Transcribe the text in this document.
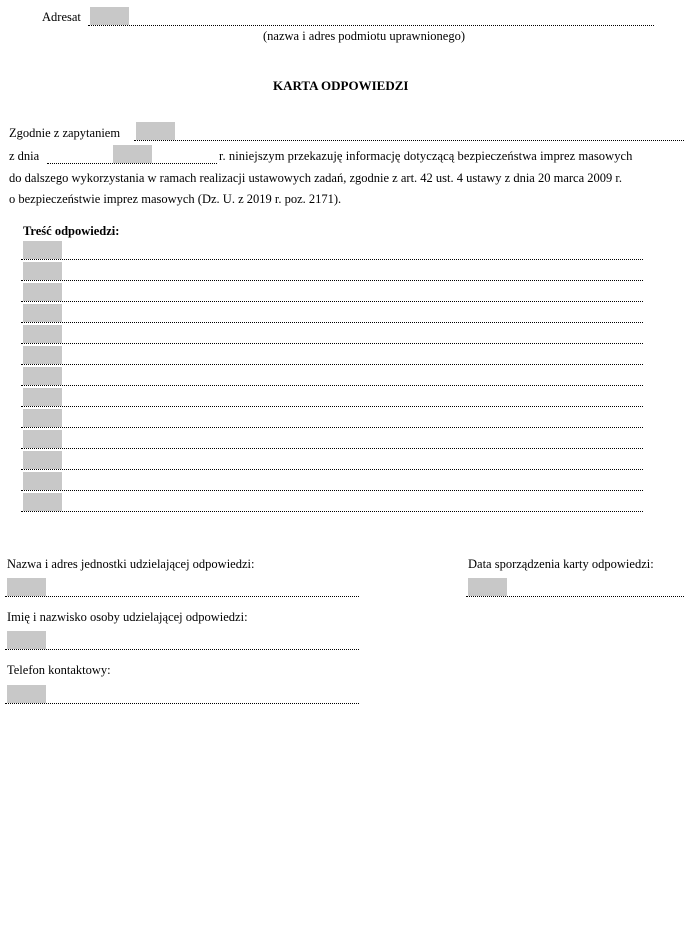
Adresat
(nazwa i adres podmiotu uprawnionego)
KARTA ODPOWIEDZI
Zgodnie z zapytaniem
z dnia	r. niniejszym przekazuję informację dotyczącą bezpieczeństwa imprez masowych
do dalszego wykorzystania w ramach realizacji ustawowych zadań, zgodnie z art. 42 ust. 4 ustawy z dnia 20 marca 2009 r.
o bezpieczeństwie imprez masowych (Dz. U. z 2019 r. poz. 2171).
Treść odpowiedzi:
Nazwa i adres jednostki udzielającej odpowiedzi:	Data sporządzenia karty odpowiedzi:
Imię i nazwisko osoby udzielającej odpowiedzi:
Telefon kontaktowy:
